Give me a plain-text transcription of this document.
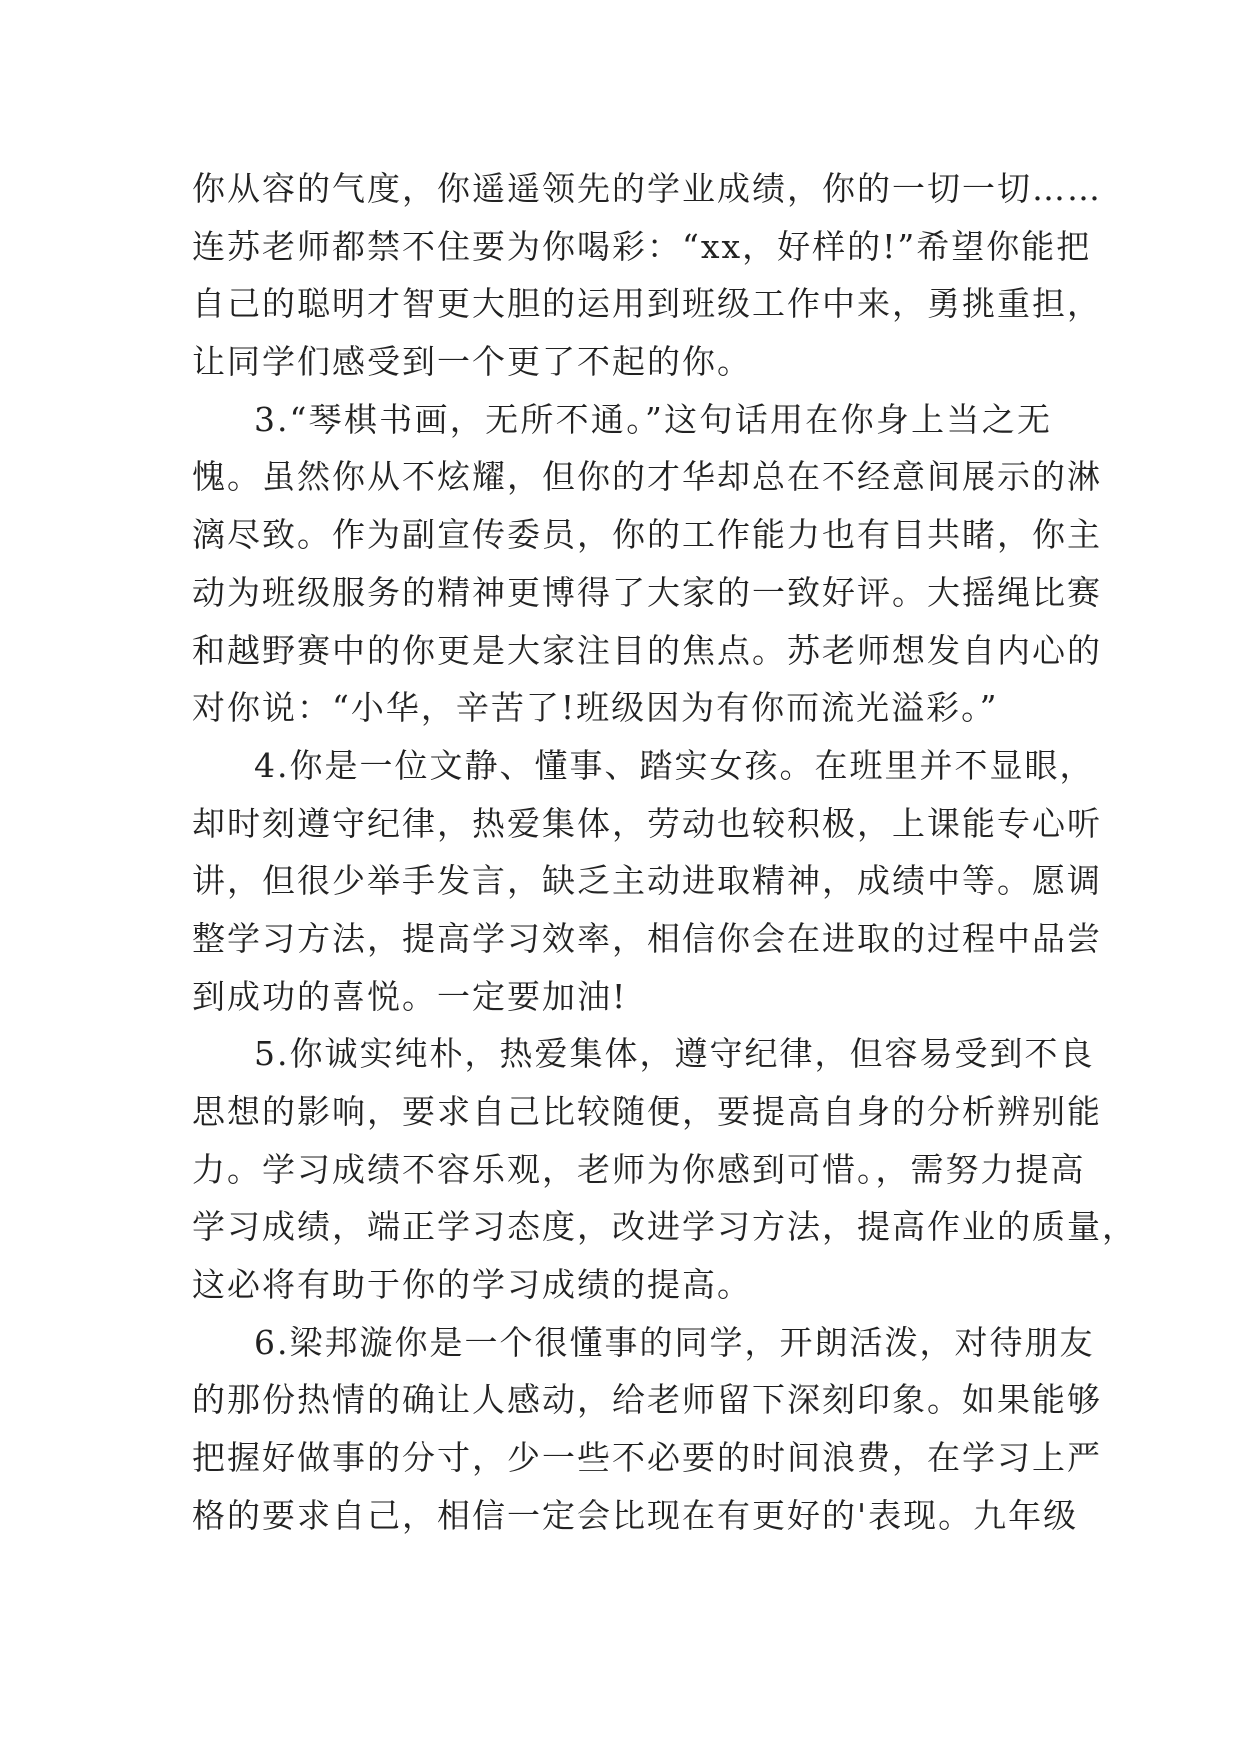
你从容的气度，你遥遥领先的学业成绩，你的一切一切……
连苏老师都禁不住要为你喝彩：“xx，好样的!”希望你能把
自己的聪明才智更大胆的运用到班级工作中来，勇挑重担，
让同学们感受到一个更了不起的你。
3.“琴棋书画，无所不通。”这句话用在你身上当之无
愧。虽然你从不炫耀，但你的才华却总在不经意间展示的淋
漓尽致。作为副宣传委员，你的工作能力也有目共睹，你主
动为班级服务的精神更博得了大家的一致好评。大摇绳比赛
和越野赛中的你更是大家注目的焦点。苏老师想发自内心的
对你说：“小华，辛苦了!班级因为有你而流光溢彩。”
4.你是一位文静、懂事、踏实女孩。在班里并不显眼，
却时刻遵守纪律，热爱集体，劳动也较积极，上课能专心听
讲，但很少举手发言，缺乏主动进取精神，成绩中等。愿调
整学习方法，提高学习效率，相信你会在进取的过程中品尝
到成功的喜悦。一定要加油!
5.你诚实纯朴，热爱集体，遵守纪律，但容易受到不良
思想的影响，要求自己比较随便，要提高自身的分析辨别能
力。学习成绩不容乐观，老师为你感到可惜。，需努力提高
学习成绩，端正学习态度，改进学习方法，提高作业的质量，
这必将有助于你的学习成绩的提高。
6.梁邦漩你是一个很懂事的同学，开朗活泼，对待朋友
的那份热情的确让人感动，给老师留下深刻印象。如果能够
把握好做事的分寸，少一些不必要的时间浪费，在学习上严
格的要求自己，相信一定会比现在有更好的'表现。九年级
